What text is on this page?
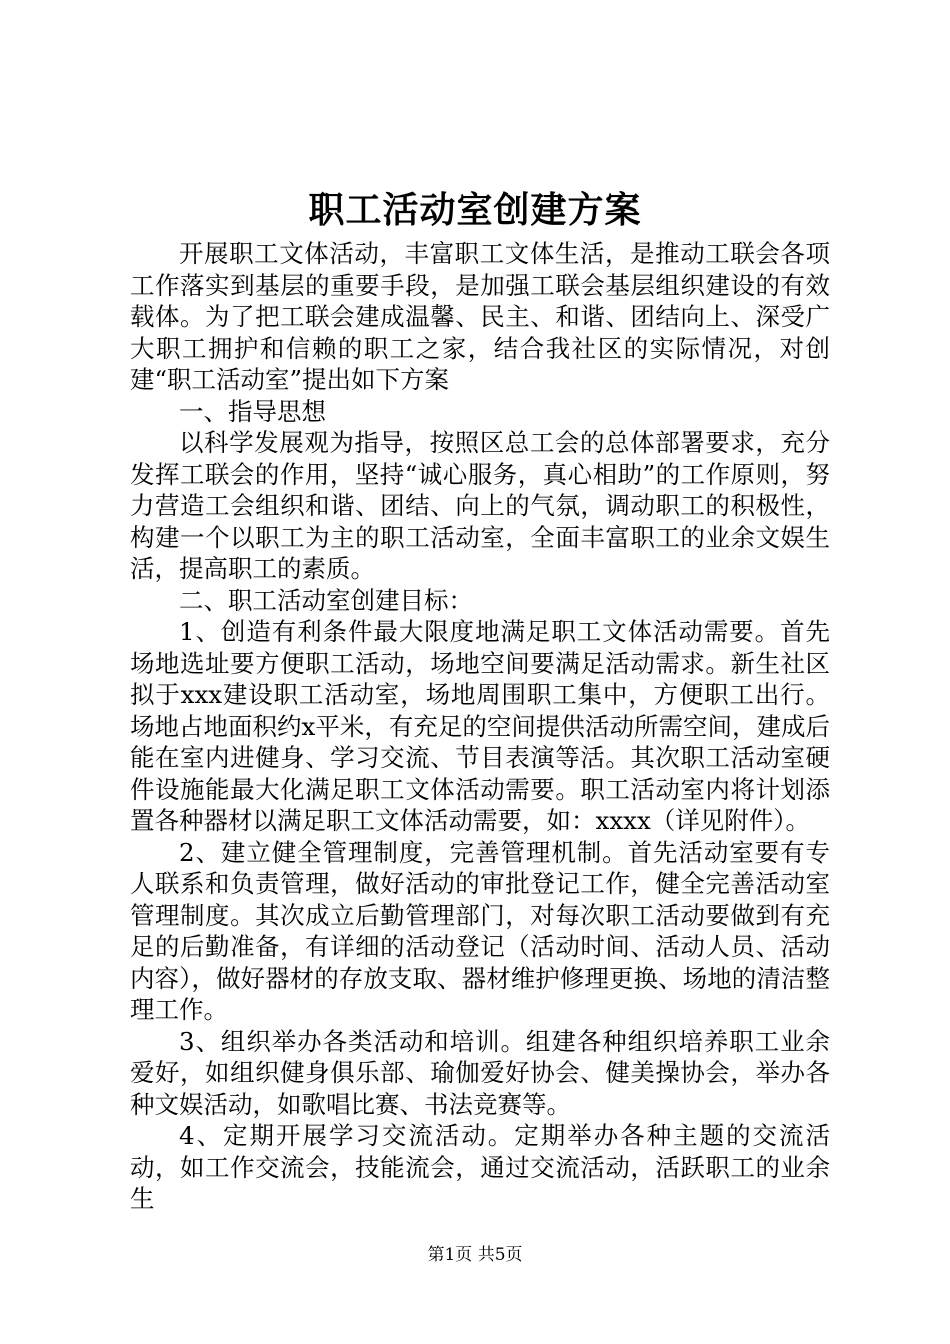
职工活动室创建方案

开展职工文体活动，丰富职工文体生活，是推动工联会各项工作落实到基层的重要手段，是加强工联会基层组织建设的有效载体。为了把工联会建成温馨、民主、和谐、团结向上、深受广大职工拥护和信赖的职工之家，结合我社区的实际情况，对创建“职工活动室”提出如下方案

一、指导思想

以科学发展观为指导，按照区总工会的总体部署要求，充分发挥工联会的作用，坚持“诚心服务，真心相助”的工作原则，努力营造工会组织和谐、团结、向上的气氛，调动职工的积极性，构建一个以职工为主的职工活动室，全面丰富职工的业余文娱生活，提高职工的素质。

二、职工活动室创建目标：

1、创造有利条件最大限度地满足职工文体活动需要。首先场地选址要方便职工活动，场地空间要满足活动需求。新生社区拟于xxx建设职工活动室，场地周围职工集中，方便职工出行。场地占地面积约x平米，有充足的空间提供活动所需空间，建成后能在室内进健身、学习交流、节目表演等活。其次职工活动室硬件设施能最大化满足职工文体活动需要。职工活动室内将计划添置各种器材以满足职工文体活动需要，如：xxxx（详见附件）。

2、建立健全管理制度，完善管理机制。首先活动室要有专人联系和负责管理，做好活动的审批登记工作，健全完善活动室管理制度。其次成立后勤管理部门，对每次职工活动要做到有充足的后勤准备，有详细的活动登记（活动时间、活动人员、活动内容），做好器材的存放支取、器材维护修理更换、场地的清洁整理工作。

3、组织举办各类活动和培训。组建各种组织培养职工业余爱好，如组织健身俱乐部、瑜伽爱好协会、健美操协会，举办各种文娱活动，如歌唱比赛、书法竞赛等。

4、定期开展学习交流活动。定期举办各种主题的交流活动，如工作交流会，技能流会，通过交流活动，活跃职工的业余生

第1页 共5页
